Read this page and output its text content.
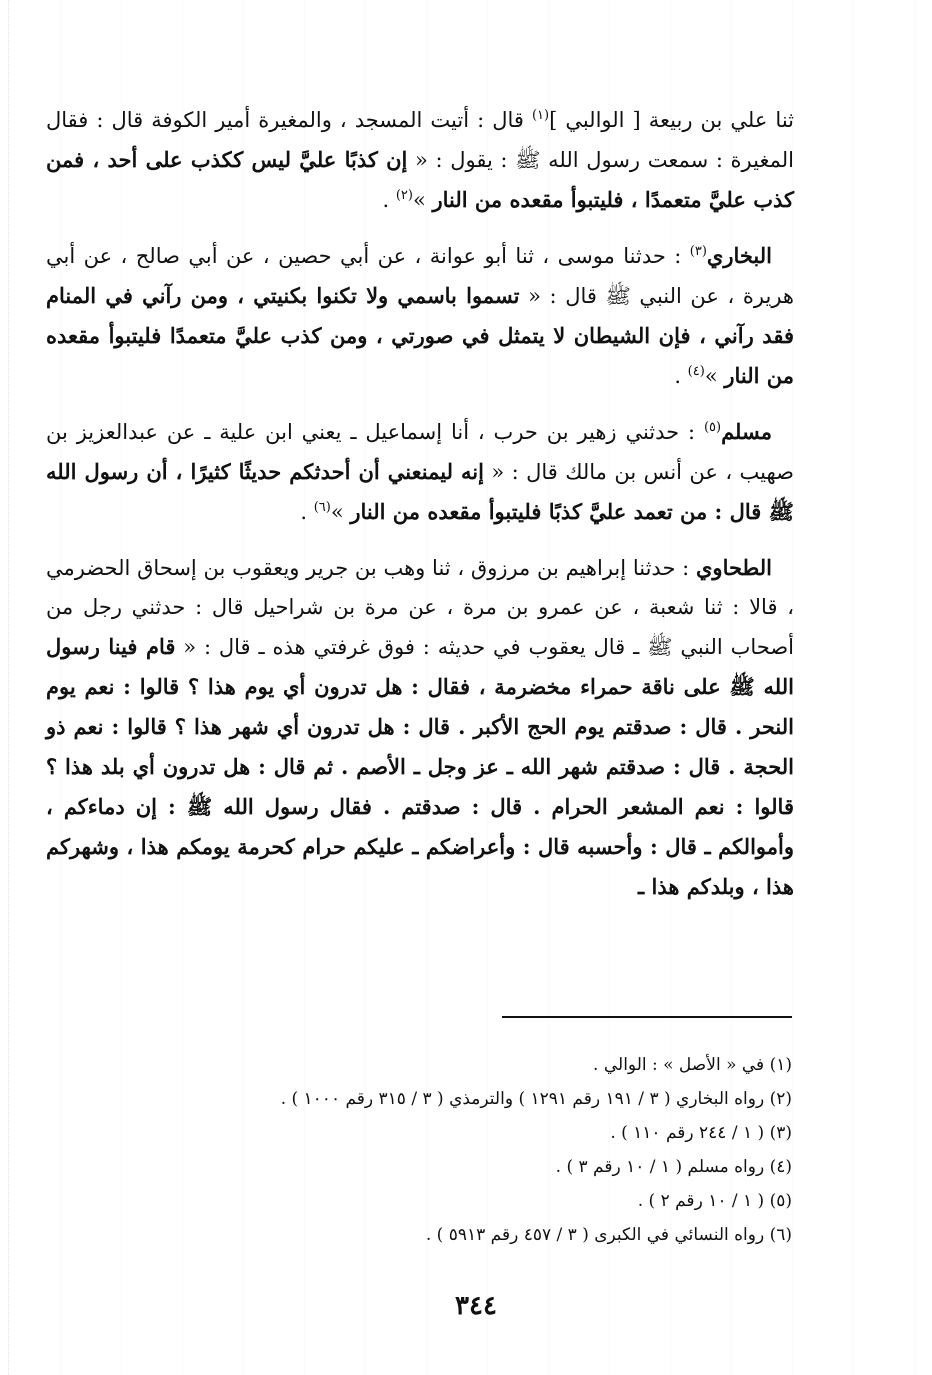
ثنا علي بن ربيعة [ الوالبي ]$^{(١)}$ قال : أتيت المسجد ، والمغيرة أمير الكوفة قال : فقال المغيرة : سمعت رسول الله ﷺ : يقول : « إن كذبًا عليَّ ليس ككذب على أحد ، فمن كذب عليَّ متعمدًا ، فليتبوأ مقعده من النار »$^{(٢)}$ .

البخاري$^{(٣)}$ : حدثنا موسى ، ثنا أبو عوانة ، عن أبي حصين ، عن أبي صالح ، عن أبي هريرة ، عن النبي ﷺ قال : « تسموا باسمي ولا تكنوا بكنيتي ، ومن رآني في المنام فقد رآني ، فإن الشيطان لا يتمثل في صورتي ، ومن كذب عليَّ متعمدًا فليتبوأ مقعده من النار »$^{(٤)}$ .

مسلم$^{(٥)}$ : حدثني زهير بن حرب ، أنا إسماعيل ـ يعني ابن علية ـ عن عبدالعزيز بن صهيب ، عن أنس بن مالك قال : « إنه ليمنعني أن أحدثكم حديثًا كثيرًا ، أن رسول الله ﷺ قال : من تعمد عليَّ كذبًا فليتبوأ مقعده من النار »$^{(٦)}$ .

الطحاوي : حدثنا إبراهيم بن مرزوق ، ثنا وهب بن جرير ويعقوب بن إسحاق الحضرمي ، قالا : ثنا شعبة ، عن عمرو بن مرة ، عن مرة بن شراحيل قال : حدثني رجل من أصحاب النبي ﷺ ـ قال يعقوب في حديثه : فوق غرفتي هذه ـ قال : « قام فينا رسول الله ﷺ على ناقة حمراء مخضرمة ، فقال : هل تدرون أي يوم هذا ؟ قالوا : نعم يوم النحر . قال : صدقتم يوم الحج الأكبر . قال : هل تدرون أي شهر هذا ؟ قالوا : نعم ذو الحجة . قال : صدقتم شهر الله ـ عز وجل ـ الأصم . ثم قال : هل تدرون أي بلد هذا ؟ قالوا : نعم المشعر الحرام . قال : صدقتم . فقال رسول الله ﷺ : إن دماءكم ، وأموالكم ـ قال : وأحسبه قال : وأعراضكم ـ عليكم حرام كحرمة يومكم هذا ، وشهركم هذا ، وبلدكم هذا ـ

(١) في « الأصل » : الوالي .

(٢) رواه البخاري ( ٣ / ١٩١ رقم ١٢٩١ ) والترمذي ( ٣ / ٣١٥ رقم ١٠٠٠ ) .

(٣) ( ١ / ٢٤٤ رقم ١١٠ ) .

(٤) رواه مسلم ( ١ / ١٠ رقم ٣ ) .

(٥) ( ١ / ١٠ رقم ٢ ) .

(٦) رواه النسائي في الكبرى ( ٣ / ٤٥٧ رقم ٥٩١٣ ) .

٣٤٤
